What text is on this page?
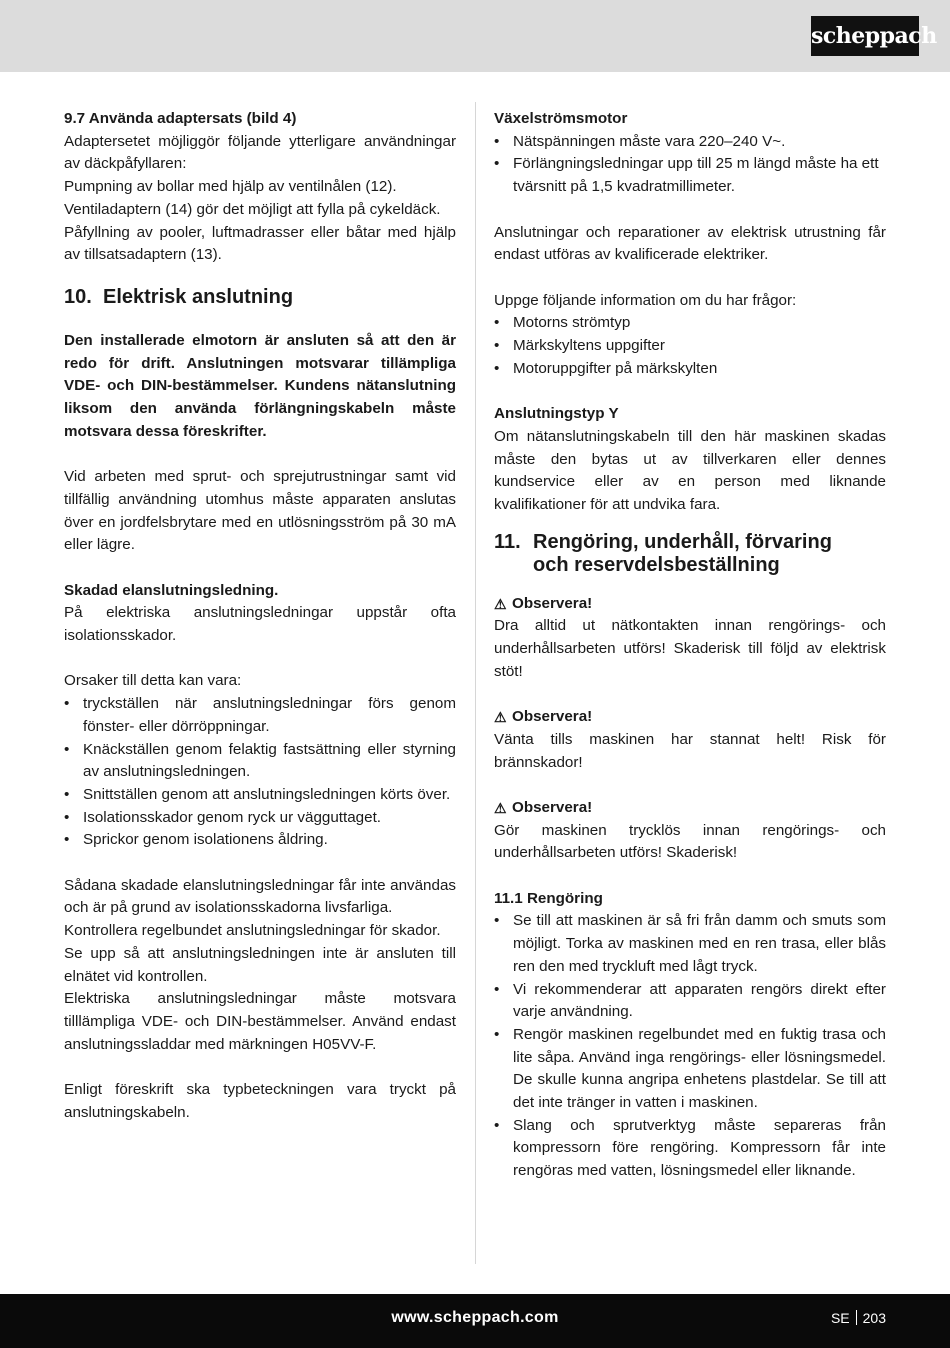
scheppach
9.7 Använda adaptersats (bild 4)
Adaptersetet möjliggör följande ytterligare användningar av däckpåfyllaren:
Pumpning av bollar med hjälp av ventilnålen (12).
Ventiladaptern (14) gör det möjligt att fylla på cykeldäck.
Påfyllning av pooler, luftmadrasser eller båtar med hjälp av tillsatsadaptern (13).
10. Elektrisk anslutning
Den installerade elmotorn är ansluten så att den är redo för drift. Anslutningen motsvarar tillämpliga VDE- och DIN-bestämmelser. Kundens nätanslutning liksom den använda förlängningskabeln måste motsvara dessa föreskrifter.
Vid arbeten med sprut- och sprejutrustningar samt vid tillfällig användning utomhus måste apparaten anslutas över en jordfelsbrytare med en utlösningsström på 30 mA eller lägre.
Skadad elanslutningsledning.
På elektriska anslutningsledningar uppstår ofta isolationsskador.
Orsaker till detta kan vara:
• tryckställen när anslutningsledningar förs genom fönster- eller dörröppningar.
• Knäckställen genom felaktig fastsättning eller styrning av anslutningsledningen.
• Snittställen genom att anslutningsledningen körts över.
• Isolationsskador genom ryck ur vägguttaget.
• Sprickor genom isolationens åldring.
Sådana skadade elanslutningsledningar får inte användas och är på grund av isolationsskadorna livsfarliga.
Kontrollera regelbundet anslutningsledningar för skador.
Se upp så att anslutningsledningen inte är ansluten till elnätet vid kontrollen.
Elektriska anslutningsledningar måste motsvara tilllämpliga VDE- och DIN-bestämmelser. Använd endast anslutningssladdar med märkningen H05VV-F.
Enligt föreskrift ska typbeteckningen vara tryckt på anslutningskabeln.
Växelströmsmotor
• Nätspänningen måste vara 220–240 V~.
• Förlängningsledningar upp till 25 m längd måste ha ett tvärsnitt på 1,5 kvadratmillimeter.
Anslutningar och reparationer av elektrisk utrustning får endast utföras av kvalificerade elektriker.
Uppge följande information om du har frågor:
• Motorns strömtyp
• Märkskyltens uppgifter
• Motoruppgifter på märkskylten
Anslutningstyp Y
Om nätanslutningskabeln till den här maskinen skadas måste den bytas ut av tillverkaren eller dennes kundservice eller av en person med liknande kvalifikationer för att undvika fara.
11. Rengöring, underhåll, förvaring
och reservdelsbeställning
⚠ Observera!
Dra alltid ut nätkontakten innan rengörings- och underhållsarbeten utförs! Skaderisk till följd av elektrisk stöt!
⚠ Observera!
Vänta tills maskinen har stannat helt! Risk för brännskador!
⚠ Observera!
Gör maskinen trycklös innan rengörings- och underhållsarbeten utförs! Skaderisk!
11.1 Rengöring
• Se till att maskinen är så fri från damm och smuts som möjligt. Torka av maskinen med en ren trasa, eller blås ren den med tryckluft med lågt tryck.
• Vi rekommenderar att apparaten rengörs direkt efter varje användning.
• Rengör maskinen regelbundet med en fuktig trasa och lite såpa. Använd inga rengörings- eller lösningsmedel. De skulle kunna angripa enhetens plastdelar. Se till att det inte tränger in vatten i maskinen.
• Slang och sprutverktyg måste separeras från kompressorn före rengöring. Kompressorn får inte rengöras med vatten, lösningsmedel eller liknande.
www.scheppach.com	SE 203
